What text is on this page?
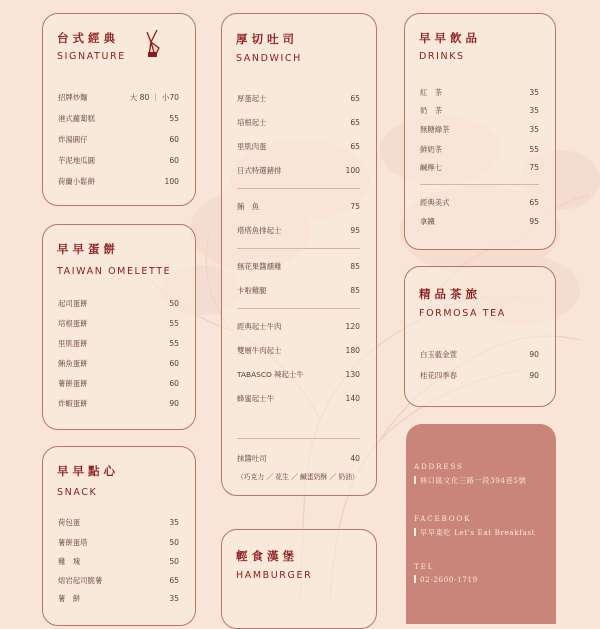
台式經典
SIGNATURE
招牌炒麵	大 80 ｜ 小70
港式蘿蔔糕	55
炸湯圓仔	60
芋泥地瓜圓	60
荷蘭小鬆餅	100
早早蛋餅
TAIWAN OMELETTE
起司蛋餅	50
培根蛋餅	55
里肌蛋餅	55
鮪魚蛋餅	60
薯餅蛋餅	60
炸蝦蛋餅	90
早早點心
SNACK
荷包蛋	35
薯餅蛋塔	50
雞　塊	50
熔岩起司脆薯	65
薯　餅	35
厚切吐司
SANDWICH
厚蛋起士	65
培根起士	65
里肌肉蛋	65
日式特選豬排	100
鮪　魚	75
塔塔魚排起士	95
無花果醬燻雞	85
卡啦雞腿	85
經典起士牛肉	120
雙層牛肉起士	180
TABASCO 辣起士牛	130
蜂蜜起士牛	140
抹醬吐司	40
（巧克力 ／ 花生 ／ 鹹蛋奶酥 ／ 奶油）
輕食漢堡
HAMBURGER
早早飲品
DRINKS
紅　茶	35
奶　茶	35
無糖綠茶	35
鮮奶茶	55
鹹檸七	75
經典美式	65
拿鐵	95
精品茶旅
FORMOSA TEA
白玉藍金萱	90
桂花四季春	90
ADDRESS
林口區文化三路一段394巷5號
FACEBOOK
早早東吃 Let's Eat Breakfast
TEL
02-2600-1719
